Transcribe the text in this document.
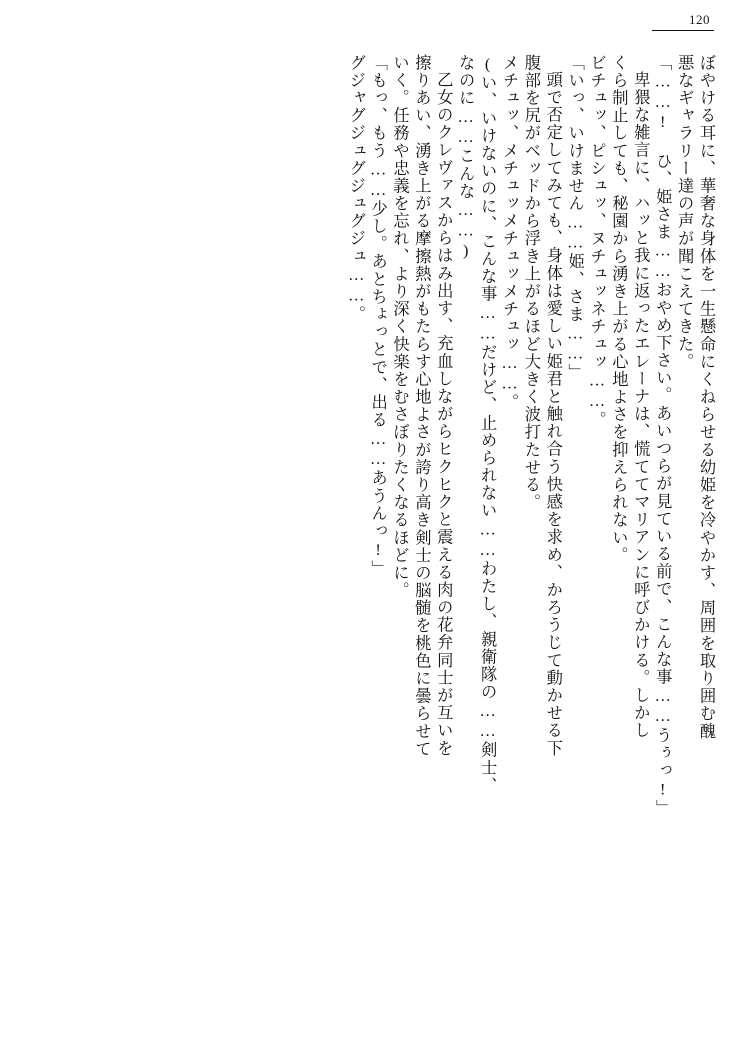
120
ぼやける耳に、華奢な身体を一生懸命にくねらせる幼姫を冷やかす、周囲を取り囲む醜
悪なギャラリー達の声が聞こえてきた。
「……! ひ、姫さま……おやめ下さい。あいつらが見ている前で、こんな事……うぅっ!」
卑猥な雑言に、ハッと我に返ったエレーナは、慌ててマリアンに呼びかける。しかし
くら制止しても、秘園から湧き上がる心地よさを抑えられない。
ビチュッ、ピシュッ、ヌチュッネチュッ……。
「いっ、いけません……姫、さま……」
頭で否定してみても、身体は愛しい姫君と触れ合う快感を求め、かろうじて動かせる下
腹部を尻がベッドから浮き上がるほど大きく波打たせる。
メチュッ、メチュッメチュッメチュッ……。
(い、いけないのに、こんな事……だけど、止められない……わたし、親衛隊の……剣士、
なのに……こんな……)
乙女のクレヴァスからはみ出す、充血しながらヒクヒクと震える肉の花弁同士が互いを
擦りあい、湧き上がる摩擦熱がもたらす心地よさが誇り高き剣士の脳髄を桃色に曇らせて
いく。任務や忠義を忘れ、より深く快楽をむさぼりたくなるほどに。
「もっ、もう……少し。あとちょっとで、出る……あうんっ!」
グジャグジュグジュグジュ……。
